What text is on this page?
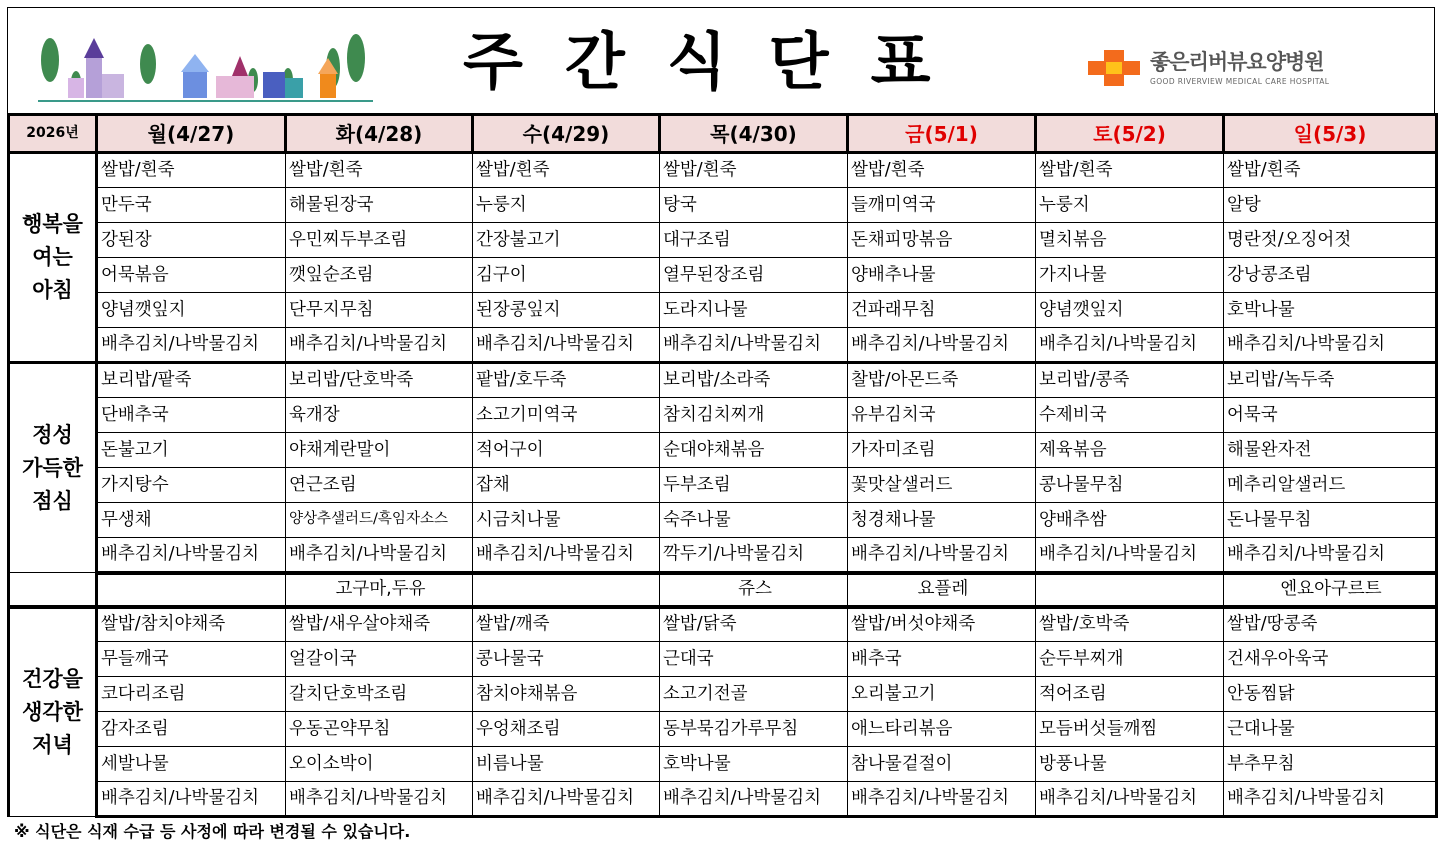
주간식단표	좋은리버뷰요양병원
GOOD RIVERVIEW MEDICAL CARE HOSPITAL
2026년	월(4/27)	화(4/28)	수(4/29)	목(4/30)	금(5/1)	토(5/2)	일(5/3)
행복을
여는
아침	쌀밥/흰죽	쌀밥/흰죽	쌀밥/흰죽	쌀밥/흰죽	쌀밥/흰죽	쌀밥/흰죽	쌀밥/흰죽
	만두국	해물된장국	누룽지	탕국	들깨미역국	누룽지	알탕
	강된장	우민찌두부조림	간장불고기	대구조림	돈채피망볶음	멸치볶음	명란젓/오징어젓
	어묵볶음	깻잎순조림	김구이	열무된장조림	양배추나물	가지나물	강낭콩조림
	양념깻잎지	단무지무침	된장콩잎지	도라지나물	건파래무침	양념깻잎지	호박나물
	배추김치/나박물김치	배추김치/나박물김치	배추김치/나박물김치	배추김치/나박물김치	배추김치/나박물김치	배추김치/나박물김치	배추김치/나박물김치
정성
가득한
점심	보리밥/팥죽	보리밥/단호박죽	팥밥/호두죽	보리밥/소라죽	찰밥/아몬드죽	보리밥/콩죽	보리밥/녹두죽
	단배추국	육개장	소고기미역국	참치김치찌개	유부김치국	수제비국	어묵국
	돈불고기	야채계란말이	적어구이	순대야채볶음	가자미조림	제육볶음	해물완자전
	가지탕수	연근조림	잡채	두부조림	꽃맛살샐러드	콩나물무침	메추리알샐러드
	무생채	양상추샐러드/흑임자소스	시금치나물	숙주나물	청경채나물	양배추쌈	돈나물무침
	배추김치/나박물김치	배추김치/나박물김치	배추김치/나박물김치	깍두기/나박물김치	배추김치/나박물김치	배추김치/나박물김치	배추김치/나박물김치
		고구마,두유		쥬스	요플레		엔요아구르트
건강을
생각한
저녁	쌀밥/참치야채죽	쌀밥/새우살야채죽	쌀밥/깨죽	쌀밥/닭죽	쌀밥/버섯야채죽	쌀밥/호박죽	쌀밥/땅콩죽
	무들깨국	얼갈이국	콩나물국	근대국	배추국	순두부찌개	건새우아욱국
	코다리조림	갈치단호박조림	참치야채볶음	소고기전골	오리불고기	적어조림	안동찜닭
	감자조림	우동곤약무침	우엉채조림	동부묵김가루무침	애느타리볶음	모듬버섯들깨찜	근대나물
	세발나물	오이소박이	비름나물	호박나물	참나물겉절이	방풍나물	부추무침
	배추김치/나박물김치	배추김치/나박물김치	배추김치/나박물김치	배추김치/나박물김치	배추김치/나박물김치	배추김치/나박물김치	배추김치/나박물김치
※ 식단은 식재 수급 등 사정에 따라 변경될 수 있습니다.
